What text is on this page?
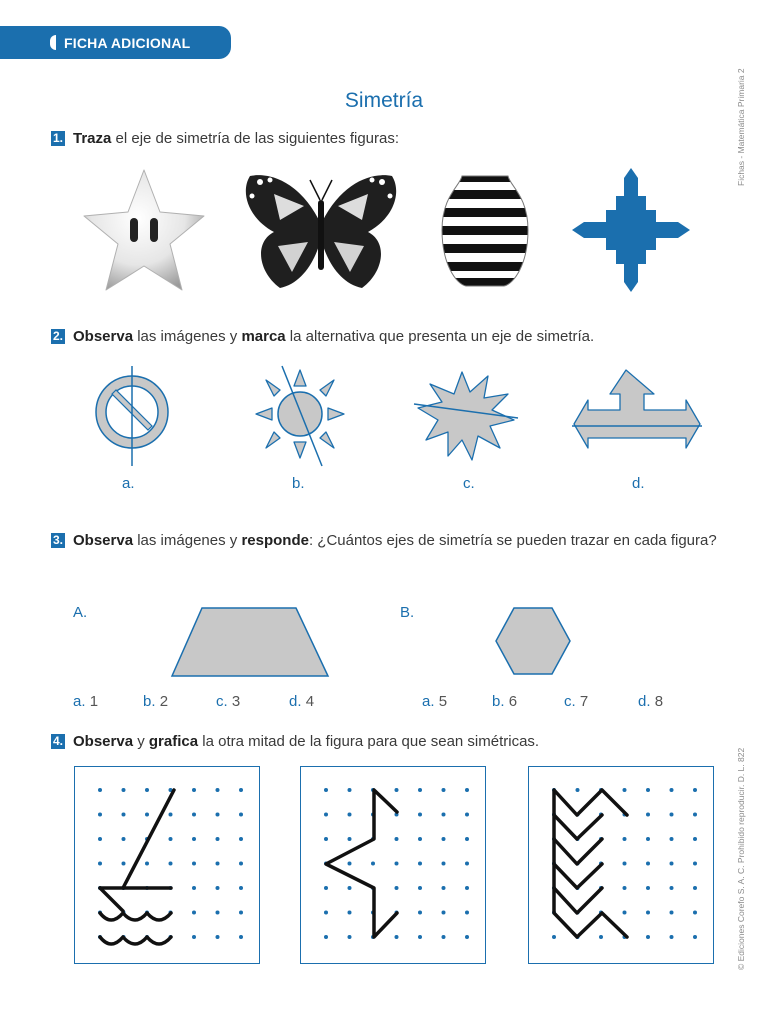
FICHA ADICIONAL
Fichas - Matemática Primaria 2
© Ediciones Corefo S. A. C. Prohibido reproducir. D. L. 822
Simetría
1. Traza el eje de simetría de las siguientes figuras:
2. Observa las imágenes y marca la alternativa que presenta un eje de simetría.
a.	b.	c.	d.
3. Observa las imágenes y responde: ¿Cuántos ejes de simetría se pueden trazar en cada figura?
A.	B.
a. 1	b. 2	c. 3	d. 4	a. 5	b. 6	c. 7	d. 8
4. Observa y grafica la otra mitad de la figura para que sean simétricas.
